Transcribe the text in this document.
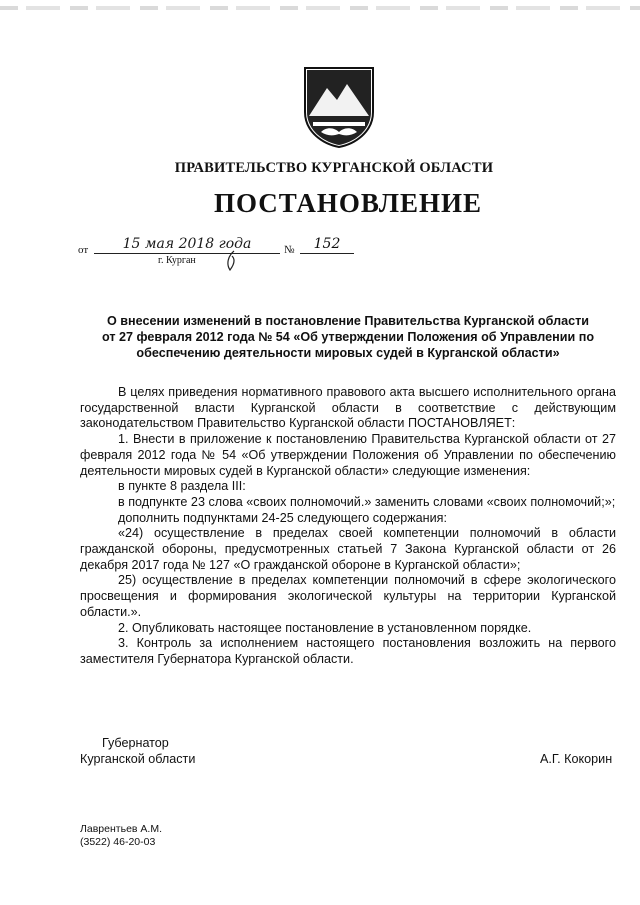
ПРАВИТЕЛЬСТВО КУРГАНСКОЙ ОБЛАСТИ
ПОСТАНОВЛЕНИЕ
от	15 мая 2018 года	№	152
г. Курган
О внесении изменений в постановление Правительства Курганской области
от 27 февраля 2012 года № 54 «Об утверждении Положения об Управлении по
обеспечению деятельности мировых судей в Курганской области»

В целях приведения нормативного правового акта высшего исполнительного органа государственной власти Курганской области в соответствие с действующим законодательством Правительство Курганской области ПОСТАНОВЛЯЕТ:

1. Внести в приложение к постановлению Правительства Курганской области от 27 февраля 2012 года № 54 «Об утверждении Положения об Управлении по обеспечению деятельности мировых судей в Курганской области» следующие изменения:

в пункте 8 раздела III:

в подпункте 23 слова «своих полномочий.» заменить словами «своих полномочий;»;

дополнить подпунктами 24-25 следующего содержания:

«24) осуществление в пределах своей компетенции полномочий в области гражданской обороны, предусмотренных статьей 7 Закона Курганской области от 26 декабря 2017 года № 127 «О гражданской обороне в Курганской области»;

25) осуществление в пределах компетенции полномочий в сфере экологического просвещения и формирования экологической культуры на территории Курганской области.».

2. Опубликовать настоящее постановление в установленном порядке.

3. Контроль за исполнением настоящего постановления возложить на первого заместителя Губернатора Курганской области.

Губернатор
Курганской области	А.Г. Кокорин
Лаврентьев А.М.
(3522) 46-20-03
